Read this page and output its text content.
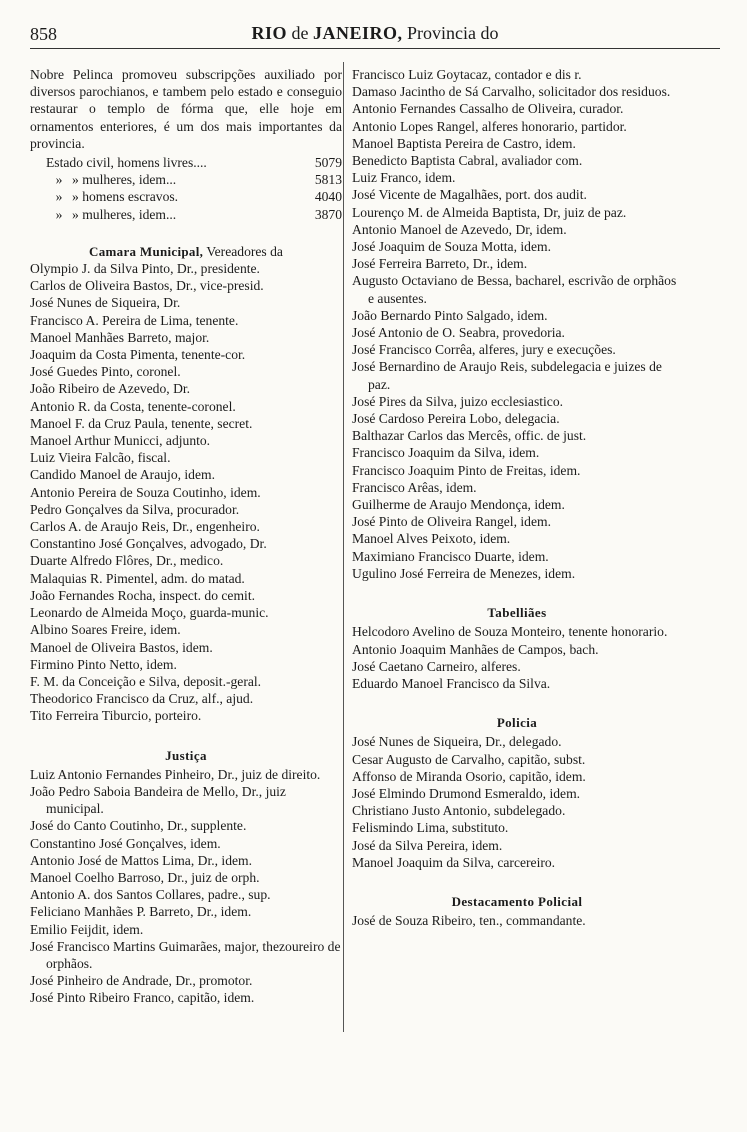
858	RIO de JANEIRO, Provincia do

Nobre Pelinca promoveu subscripções auxiliado por diversos parochianos, e tambem pelo estado e conseguio restaurar o templo de fórma que, elle hoje em ornamentos enteriores, é um dos mais importantes da provincia.

Estado civil, homens livres....	5079
» » mulheres, idem...	5813
» » homens escravos.	4040
» » mulheres, idem...	3870
Camara Municipal, Vereadores da

Olympio J. da Silva Pinto, Dr., presidente.

Carlos de Oliveira Bastos, Dr., vice-presid.

José Nunes de Siqueira, Dr.

Francisco A. Pereira de Lima, tenente.

Manoel Manhães Barreto, major.

Joaquim da Costa Pimenta, tenente-cor.

José Guedes Pinto, coronel.

João Ribeiro de Azevedo, Dr.

Antonio R. da Costa, tenente-coronel.

Manoel F. da Cruz Paula, tenente, secret.

Manoel Arthur Municci, adjunto.

Luiz Vieira Falcão, fiscal.

Candido Manoel de Araujo, idem.

Antonio Pereira de Souza Coutinho, idem.

Pedro Gonçalves da Silva, procurador.

Carlos A. de Araujo Reis, Dr., engenheiro.

Constantino José Gonçalves, advogado, Dr.

Duarte Alfredo Flôres, Dr., medico.

Malaquias R. Pimentel, adm. do matad.

João Fernandes Rocha, inspect. do cemit.

Leonardo de Almeida Moço, guarda-munic.

Albino Soares Freire, idem.

Manoel de Oliveira Bastos, idem.

Firmino Pinto Netto, idem.

F. M. da Conceição e Silva, deposit.-geral.

Theodorico Francisco da Cruz, alf., ajud.

Tito Ferreira Tiburcio, porteiro.

Justiça

Luiz Antonio Fernandes Pinheiro, Dr., juiz de direito.

João Pedro Saboia Bandeira de Mello, Dr., juiz municipal.

José do Canto Coutinho, Dr., supplente.

Constantino José Gonçalves, idem.

Antonio José de Mattos Lima, Dr., idem.

Manoel Coelho Barroso, Dr., juiz de orph.

Antonio A. dos Santos Collares, padre., sup.

Feliciano Manhães P. Barreto, Dr., idem.

Emilio Feijdit, idem.

José Francisco Martins Guimarães, major, thezoureiro de orphãos.

José Pinheiro de Andrade, Dr., promotor.

José Pinto Ribeiro Franco, capitão, idem.

Francisco Luiz Goytacaz, contador e dis r.

Damaso Jacintho de Sá Carvalho, solicitador dos residuos.

Antonio Fernandes Cassalho de Oliveira, curador.

Antonio Lopes Rangel, alferes honorario, partidor.

Manoel Baptista Pereira de Castro, idem.

Benedicto Baptista Cabral, avaliador com.

Luiz Franco, idem.

José Vicente de Magalhães, port. dos audit.

Lourenço M. de Almeida Baptista, Dr, juiz de paz.

Antonio Manoel de Azevedo, Dr, idem.

José Joaquim de Souza Motta, idem.

José Ferreira Barreto, Dr., idem.

Augusto Octaviano de Bessa, bacharel, escrivão de orphãos e ausentes.

João Bernardo Pinto Salgado, idem.

José Antonio de O. Seabra, provedoria.

José Francisco Corrêa, alferes, jury e execuções.

José Bernardino de Araujo Reis, subdelegacia e juizes de paz.

José Pires da Silva, juizo ecclesiastico.

José Cardoso Pereira Lobo, delegacia.

Balthazar Carlos das Mercês, offic. de just.

Francisco Joaquim da Silva, idem.

Francisco Joaquim Pinto de Freitas, idem.

Francisco Arêas, idem.

Guilherme de Araujo Mendonça, idem.

José Pinto de Oliveira Rangel, idem.

Manoel Alves Peixoto, idem.

Maximiano Francisco Duarte, idem.

Ugulino José Ferreira de Menezes, idem.

Tabelliães

Helcodoro Avelino de Souza Monteiro, tenente honorario.

Antonio Joaquim Manhães de Campos, bach.

José Caetano Carneiro, alferes.

Eduardo Manoel Francisco da Silva.

Policia

José Nunes de Siqueira, Dr., delegado.

Cesar Augusto de Carvalho, capitão, subst.

Affonso de Miranda Osorio, capitão, idem.

José Elmindo Drumond Esmeraldo, idem.

Christiano Justo Antonio, subdelegado.

Felismindo Lima, substituto.

José da Silva Pereira, idem.

Manoel Joaquim da Silva, carcereiro.

Destacamento Policial

José de Souza Ribeiro, ten., commandante.
